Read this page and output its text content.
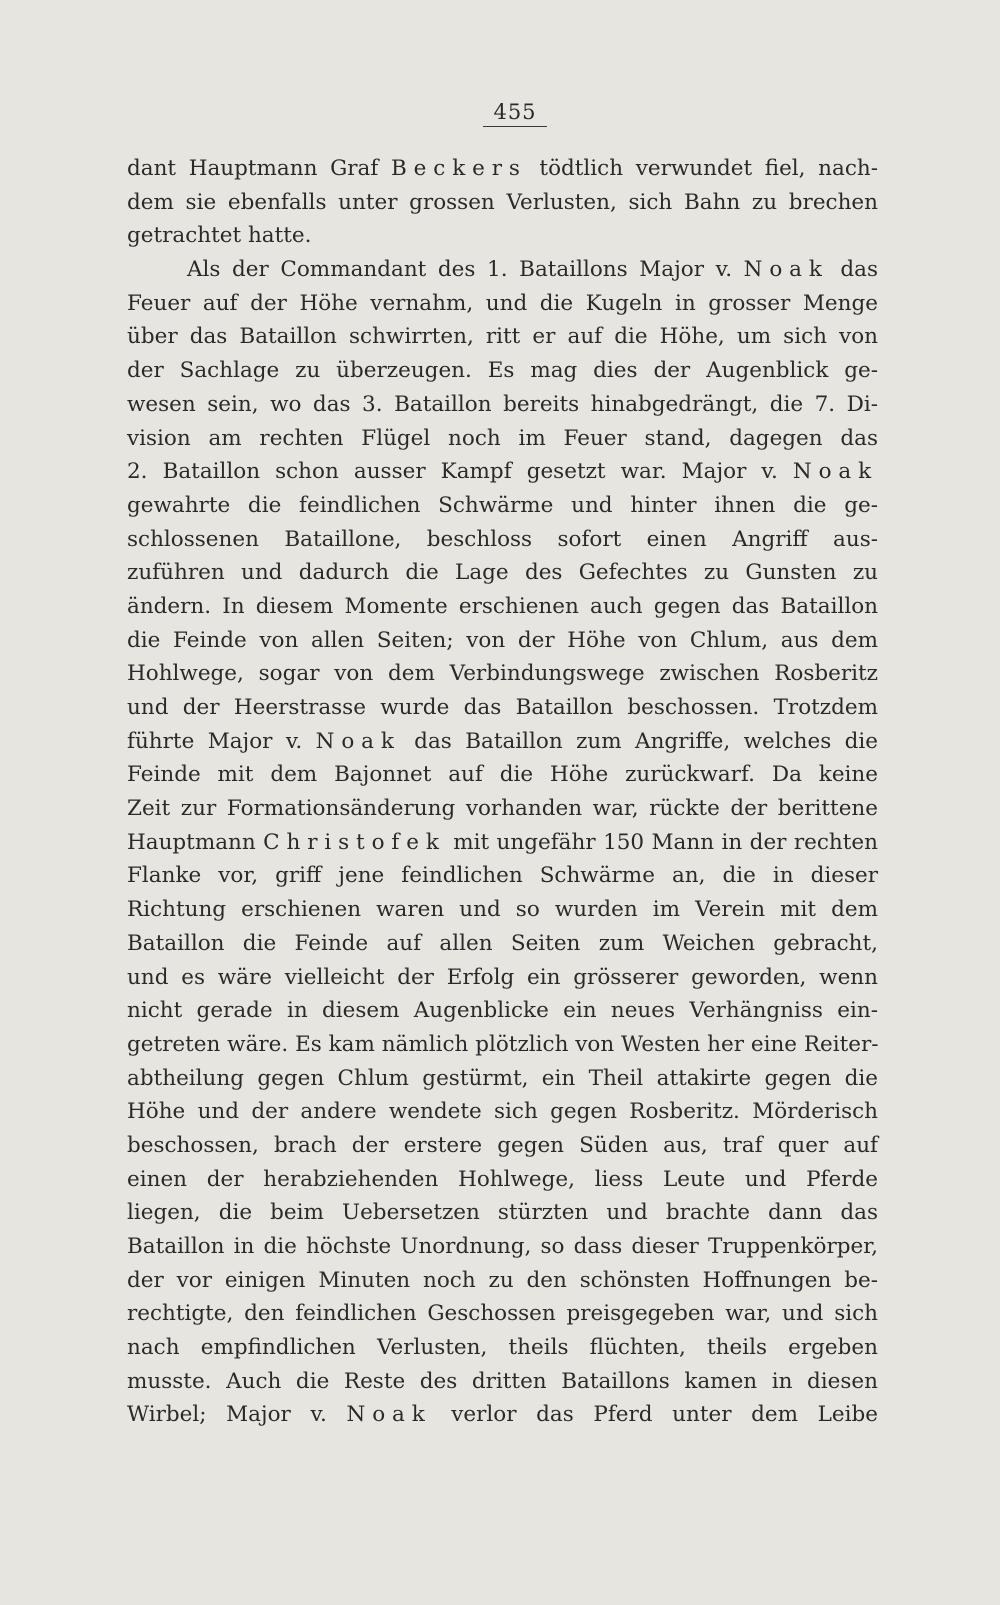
455
dant Hauptmann Graf Beckers tödtlich verwundet fiel, nach-
dem sie ebenfalls unter grossen Verlusten, sich Bahn zu brechen
getrachtet hatte.
Als der Commandant des 1. Bataillons Major v. Noak das
Feuer auf der Höhe vernahm, und die Kugeln in grosser Menge
über das Bataillon schwirrten, ritt er auf die Höhe, um sich von
der Sachlage zu überzeugen. Es mag dies der Augenblick ge-
wesen sein, wo das 3. Bataillon bereits hinabgedrängt, die 7. Di-
vision am rechten Flügel noch im Feuer stand, dagegen das
2. Bataillon schon ausser Kampf gesetzt war. Major v. Noak
gewahrte die feindlichen Schwärme und hinter ihnen die ge-
schlossenen Bataillone, beschloss sofort einen Angriff aus-
zuführen und dadurch die Lage des Gefechtes zu Gunsten zu
ändern. In diesem Momente erschienen auch gegen das Bataillon
die Feinde von allen Seiten; von der Höhe von Chlum, aus dem
Hohlwege, sogar von dem Verbindungswege zwischen Rosberitz
und der Heerstrasse wurde das Bataillon beschossen. Trotzdem
führte Major v. Noak das Bataillon zum Angriffe, welches die
Feinde mit dem Bajonnet auf die Höhe zurückwarf. Da keine
Zeit zur Formationsänderung vorhanden war, rückte der berittene
Hauptmann Christofek mit ungefähr 150 Mann in der rechten
Flanke vor, griff jene feindlichen Schwärme an, die in dieser
Richtung erschienen waren und so wurden im Verein mit dem
Bataillon die Feinde auf allen Seiten zum Weichen gebracht,
und es wäre vielleicht der Erfolg ein grösserer geworden, wenn
nicht gerade in diesem Augenblicke ein neues Verhängniss ein-
getreten wäre. Es kam nämlich plötzlich von Westen her eine Reiter-
abtheilung gegen Chlum gestürmt, ein Theil attakirte gegen die
Höhe und der andere wendete sich gegen Rosberitz. Mörderisch
beschossen, brach der erstere gegen Süden aus, traf quer auf
einen der herabziehenden Hohlwege, liess Leute und Pferde
liegen, die beim Uebersetzen stürzten und brachte dann das
Bataillon in die höchste Unordnung, so dass dieser Truppenkörper,
der vor einigen Minuten noch zu den schönsten Hoffnungen be-
rechtigte, den feindlichen Geschossen preisgegeben war, und sich
nach empfindlichen Verlusten, theils flüchten, theils ergeben
musste. Auch die Reste des dritten Bataillons kamen in diesen
Wirbel; Major v. Noak verlor das Pferd unter dem Leibe
